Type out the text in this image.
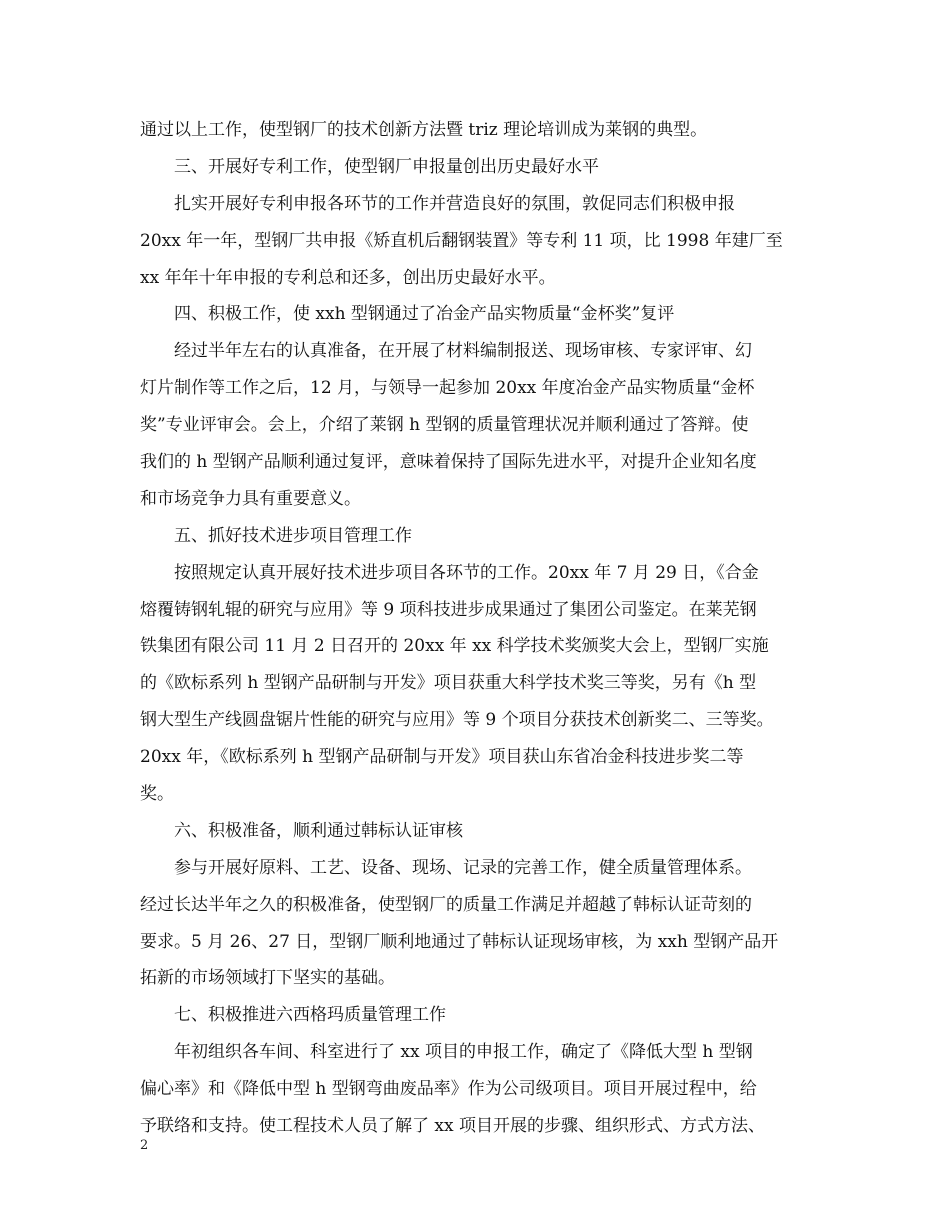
通过以上工作，使型钢厂的技术创新方法暨 triz 理论培训成为莱钢的典型。
三、开展好专利工作，使型钢厂申报量创出历史最好水平
扎实开展好专利申报各环节的工作并营造良好的氛围，敦促同志们积极申报
20xx 年一年，型钢厂共申报《矫直机后翻钢装置》等专利 11 项，比 1998 年建厂至
xx 年年十年申报的专利总和还多，创出历史最好水平。
四、积极工作，使 xxh 型钢通过了冶金产品实物质量“金杯奖”复评
经过半年左右的认真准备，在开展了材料编制报送、现场审核、专家评审、幻
灯片制作等工作之后，12 月，与领导一起参加 20xx 年度冶金产品实物质量“金杯
奖”专业评审会。会上，介绍了莱钢 h 型钢的质量管理状况并顺利通过了答辩。使
我们的 h 型钢产品顺利通过复评，意味着保持了国际先进水平，对提升企业知名度
和市场竞争力具有重要意义。
五、抓好技术进步项目管理工作
按照规定认真开展好技术进步项目各环节的工作。20xx 年 7 月 29 日，《合金
熔覆铸钢轧辊的研究与应用》等 9 项科技进步成果通过了集团公司鉴定。在莱芜钢
铁集团有限公司 11 月 2 日召开的 20xx 年 xx 科学技术奖颁奖大会上，型钢厂实施
的《欧标系列 h 型钢产品研制与开发》项目获重大科学技术奖三等奖，另有《h 型
钢大型生产线圆盘锯片性能的研究与应用》等 9 个项目分获技术创新奖二、三等奖。
20xx 年，《欧标系列 h 型钢产品研制与开发》项目获山东省冶金科技进步奖二等
奖。
六、积极准备，顺利通过韩标认证审核
参与开展好原料、工艺、设备、现场、记录的完善工作，健全质量管理体系。
经过长达半年之久的积极准备，使型钢厂的质量工作满足并超越了韩标认证苛刻的
要求。5 月 26、27 日，型钢厂顺利地通过了韩标认证现场审核，为 xxh 型钢产品开
拓新的市场领域打下坚实的基础。
七、积极推进六西格玛质量管理工作
年初组织各车间、科室进行了 xx 项目的申报工作，确定了《降低大型 h 型钢
偏心率》和《降低中型 h 型钢弯曲废品率》作为公司级项目。项目开展过程中，给
予联络和支持。使工程技术人员了解了 xx 项目开展的步骤、组织形式、方式方法、
2
